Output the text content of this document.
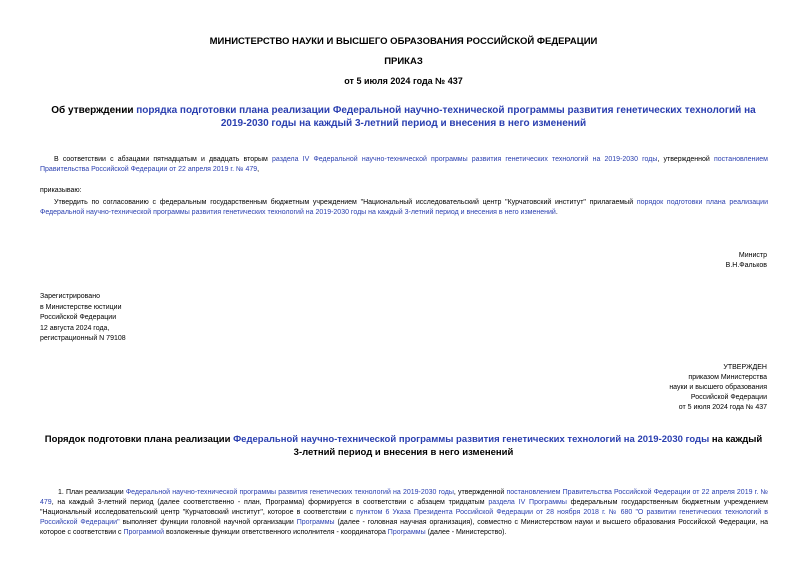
МИНИСТЕРСТВО НАУКИ И ВЫСШЕГО ОБРАЗОВАНИЯ РОССИЙСКОЙ ФЕДЕРАЦИИ
ПРИКАЗ
от 5 июля 2024 года № 437
Об утверждении порядка подготовки плана реализации Федеральной научно-технической программы развития генетических технологий на 2019-2030 годы на каждый 3-летний период и внесения в него изменений
В соответствии с абзацами пятнадцатым и двадцать вторым раздела IV Федеральной научно-технической программы развития генетических технологий на 2019-2030 годы, утвержденной постановлением Правительства Российской Федерации от 22 апреля 2019 г. № 479,
приказываю:
Утвердить по согласованию с федеральным государственным бюджетным учреждением "Национальный исследовательский центр "Курчатовский институт" прилагаемый порядок подготовки плана реализации Федеральной научно-технической программы развития генетических технологий на 2019-2030 годы на каждый 3-летний период и внесения в него изменений.
Министр
В.Н.Фальков
Зарегистрировано
в Министерстве юстиции
Российской Федерации
12 августа 2024 года,
регистрационный N 79108
УТВЕРЖДЕН
приказом Министерства
науки и высшего образования
Российской Федерации
от 5 июля 2024 года № 437
Порядок подготовки плана реализации Федеральной научно-технической программы развития генетических технологий на 2019-2030 годы на каждый 3-летний период и внесения в него изменений
1. План реализации Федеральной научно-технической программы развития генетических технологий на 2019-2030 годы, утвержденной постановлением Правительства Российской Федерации от 22 апреля 2019 г. № 479, на каждый 3-летний период (далее соответственно - план, Программа) формируется в соответствии с абзацем тридцатым раздела IV Программы федеральным государственным бюджетным учреждением "Национальный исследовательский центр "Курчатовский институт", которое в соответствии с пунктом 6 Указа Президента Российской Федерации от 28 ноября 2018 г. № 680 "О развитии генетических технологий в Российской Федерации" выполняет функции головной научной организации Программы (далее - головная научная организация), совместно с Министерством науки и высшего образования Российской Федерации, на которое с соответствии с Программой возложенные функции ответственного исполнителя - координатора Программы (далее - Министерство).
